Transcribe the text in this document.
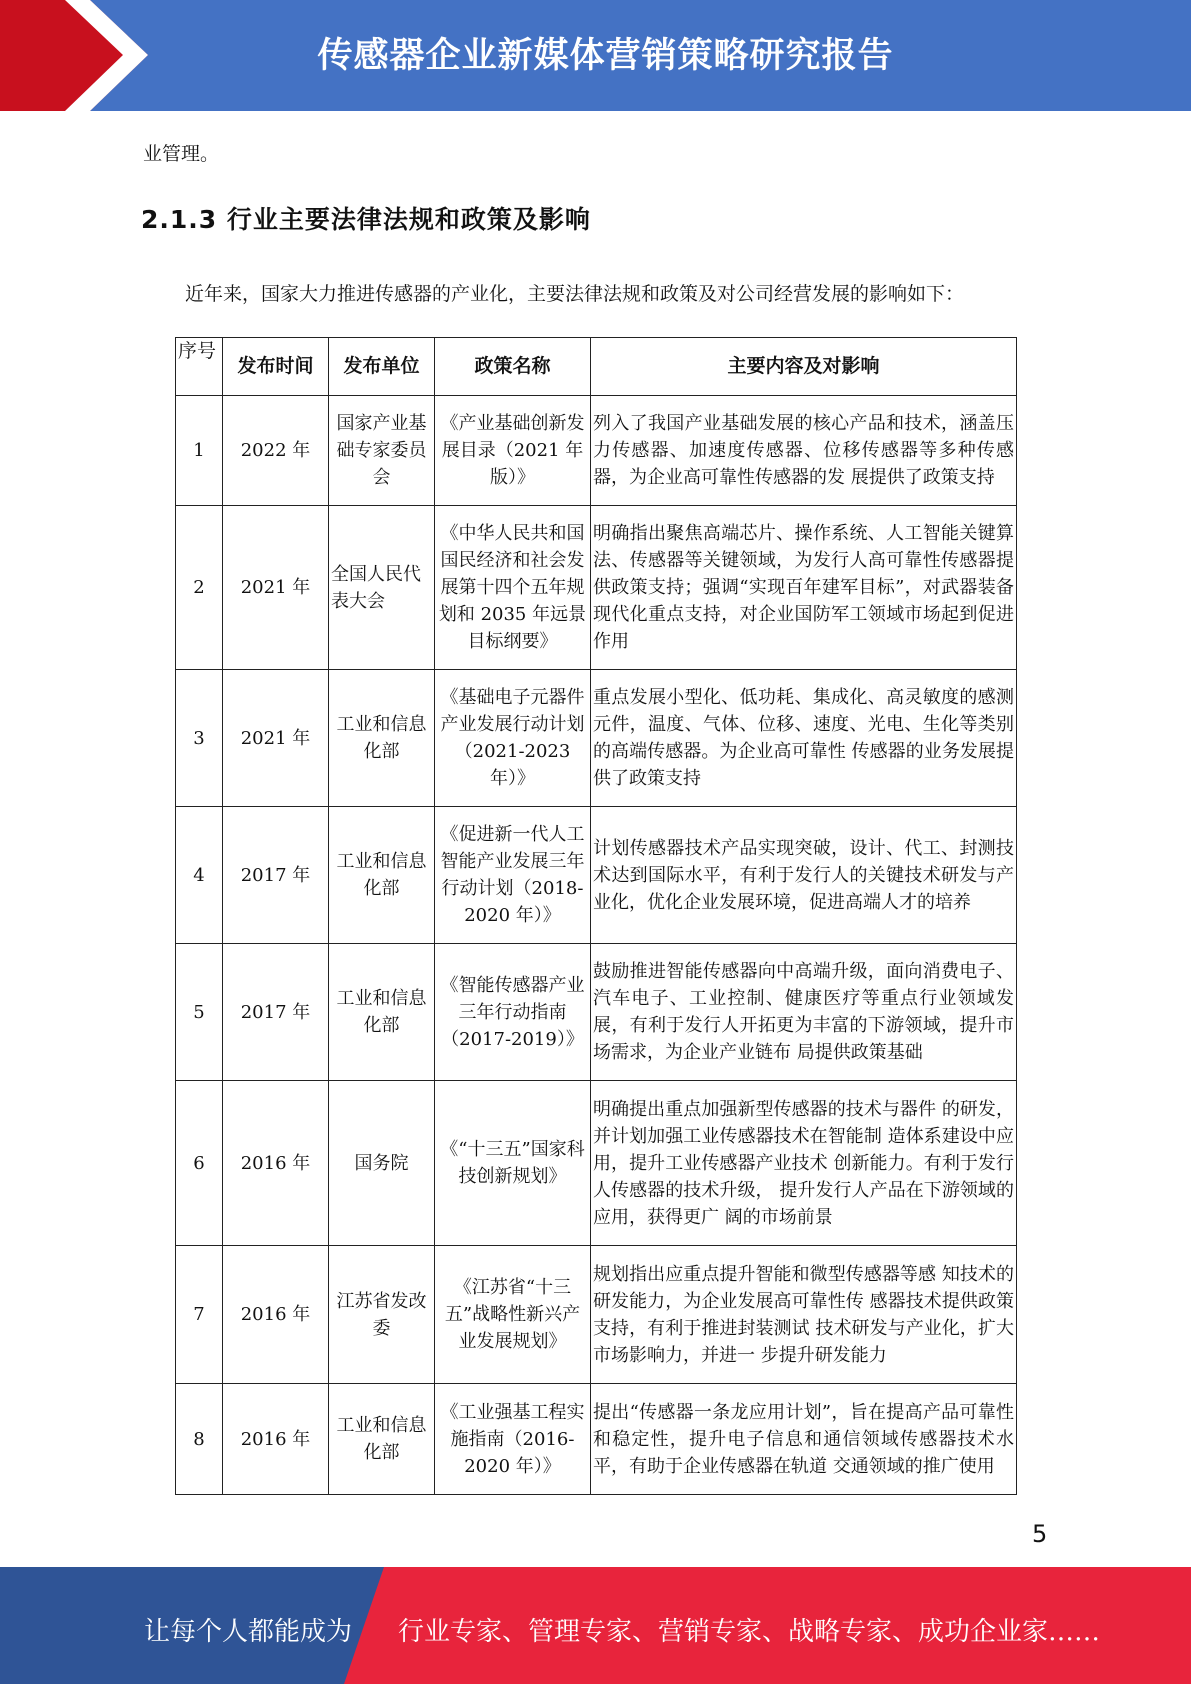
传感器企业新媒体营销策略研究报告
业管理。
2.1.3 行业主要法律法规和政策及影响
近年来，国家大力推进传感器的产业化，主要法律法规和政策及对公司经营发展的影响如下：
序号	发布时间	发布单位	政策名称	主要内容及对影响
1	2022 年	国家产业基础专家委员会	《产业基础创新发展目录（2021 年版）》	列入了我国产业基础发展的核心产品和技术，涵盖压力传感器、加速度传感器、位移传感器等多种传感器，为企业高可靠性传感器的发 展提供了政策支持
2	2021 年	全国人民代表大会	《中华人民共和国国民经济和社会发展第十四个五年规划和 2035 年远景目标纲要》	明确指出聚焦高端芯片、操作系统、人工智能关键算法、传感器等关键领域，为发行人高可靠性传感器提供政策支持；强调“实现百年建军目标”，对武器装备现代化重点支持，对企业国防军工领域市场起到促进作用
3	2021 年	工业和信息化部	《基础电子元器件产业发展行动计划（2021-2023 年）》	重点发展小型化、低功耗、集成化、高灵敏度的感测元件，温度、气体、位移、速度、光电、生化等类别的高端传感器。为企业高可靠性 传感器的业务发展提供了政策支持
4	2017 年	工业和信息化部	《促进新一代人工智能产业发展三年行动计划（2018-2020 年）》	计划传感器技术产品实现突破，设计、代工、封测技术达到国际水平，有利于发行人的关键技术研发与产业化，优化企业发展环境，促进高端人才的培养
5	2017 年	工业和信息化部	《智能传感器产业三年行动指南（2017-2019）》	鼓励推进智能传感器向中高端升级，面向消费电子、汽车电子、工业控制、健康医疗等重点行业领域发展，有利于发行人开拓更为丰富的下游领域，提升市场需求，为企业产业链布 局提供政策基础
6	2016 年	国务院	《“十三五”国家科技创新规划》	明确提出重点加强新型传感器的技术与器件 的研发，并计划加强工业传感器技术在智能制 造体系建设中应用，提升工业传感器产业技术 创新能力。有利于发行人传感器的技术升级， 提升发行人产品在下游领域的应用，获得更广 阔的市场前景
7	2016 年	江苏省发改委	《江苏省“十三五”战略性新兴产业发展规划》	规划指出应重点提升智能和微型传感器等感 知技术的研发能力，为企业发展高可靠性传 感器技术提供政策支持，有利于推进封装测试 技术研发与产业化，扩大市场影响力，并进一 步提升研发能力
8	2016 年	工业和信息化部	《工业强基工程实施指南（2016-2020 年）》	提出“传感器一条龙应用计划”，旨在提高产品可靠性和稳定性，提升电子信息和通信领域传感器技术水平，有助于企业传感器在轨道 交通领域的推广使用
5
让每个人都能成为 行业专家、管理专家、营销专家、战略专家、成功企业家……
